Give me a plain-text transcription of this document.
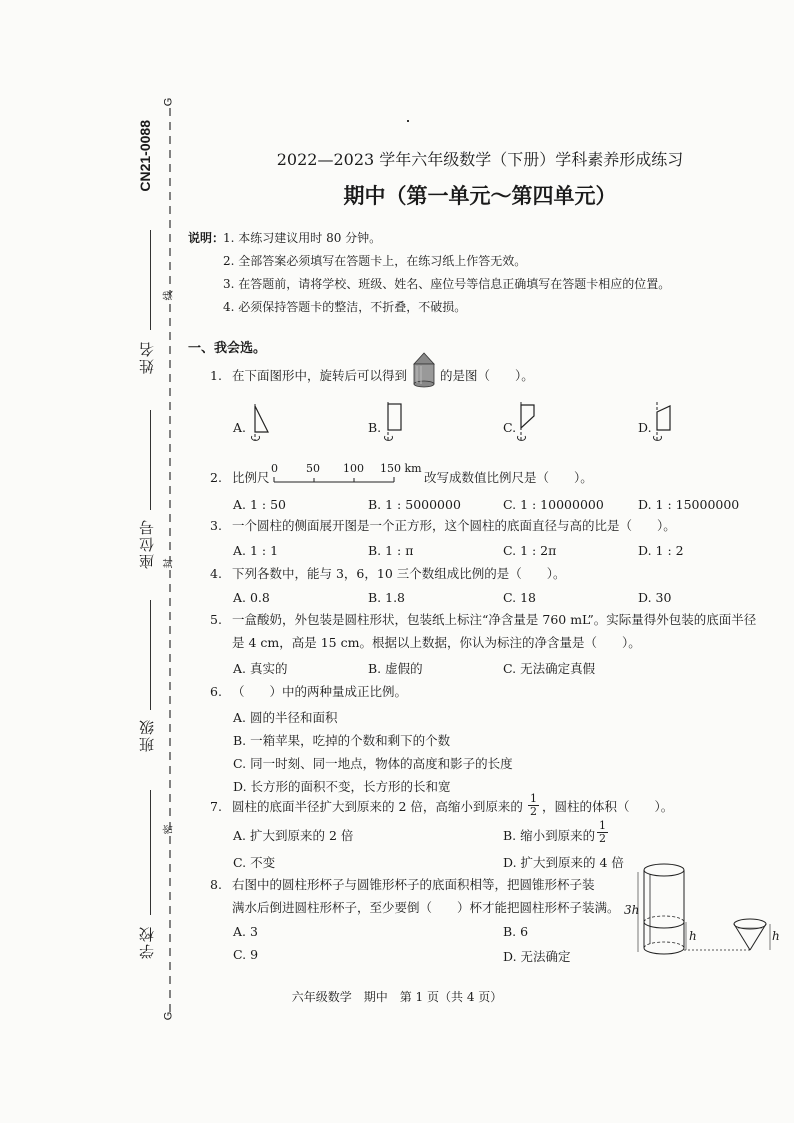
CN21-0088
G
G
姓名
线
座位号 封
班级
密
学校
2022—2023 学年六年级数学（下册）学科素养形成练习
期中（第一单元～第四单元）
说明：
1. 本练习建议用时 80 分钟。
2. 全部答案必须填写在答题卡上，在练习纸上作答无效。
3. 在答题前，请将学校、班级、姓名、座位号等信息正确填写在答题卡相应的位置。
4. 必须保持答题卡的整洁，不折叠，不破损。
一、我会选。
1. 在下面图形中，旋转后可以得到	的是图（　　）。
A.	B.	C.	D.
2. 比例尺
0	50 100 150 km
改写成数值比例尺是（　　）。
A. 1 : 50	B. 1 : 5000000	C. 1 : 10000000	D. 1 : 15000000
3. 一个圆柱的侧面展开图是一个正方形，这个圆柱的底面直径与高的比是（　　）。
A. 1 : 1	B. 1 : π	C. 1 : 2π	D. 1 : 2
4. 下列各数中，能与 3，6，10 三个数组成比例的是（　　）。
A. 0.8	B. 1.8	C. 18	D. 30
5. 一盒酸奶，外包装是圆柱形状，包装纸上标注“净含量是 760 mL”。实际量得外包装的底面半径
是 4 cm，高是 15 cm。根据以上数据，你认为标注的净含量是（　　）。
A. 真实的	B. 虚假的	C. 无法确定真假
6. （　　）中的两种量成正比例。
A. 圆的半径和面积
B. 一箱苹果，吃掉的个数和剩下的个数
C. 同一时刻、同一地点，物体的高度和影子的长度
D. 长方形的面积不变，长方形的长和宽
7. 圆柱的底面半径扩大到原来的 2 倍，高缩小到原来的 $\frac{1}{2}$ ，圆柱的体积（　　）。
A. 扩大到原来的 2 倍	B. 缩小到原来的 $\frac{1}{2}$
C. 不变	D. 扩大到原来的 4 倍
8. 右图中的圆柱形杯子与圆锥形杯子的底面积相等，把圆锥形杯子装
满水后倒进圆柱形杯子，至少要倒（　　）杯才能把圆柱形杯子装满。
A. 3	B. 6
C. 9	D. 无法确定
3h
h	h
六年级数学　期中　第 1 页（共 4 页）
